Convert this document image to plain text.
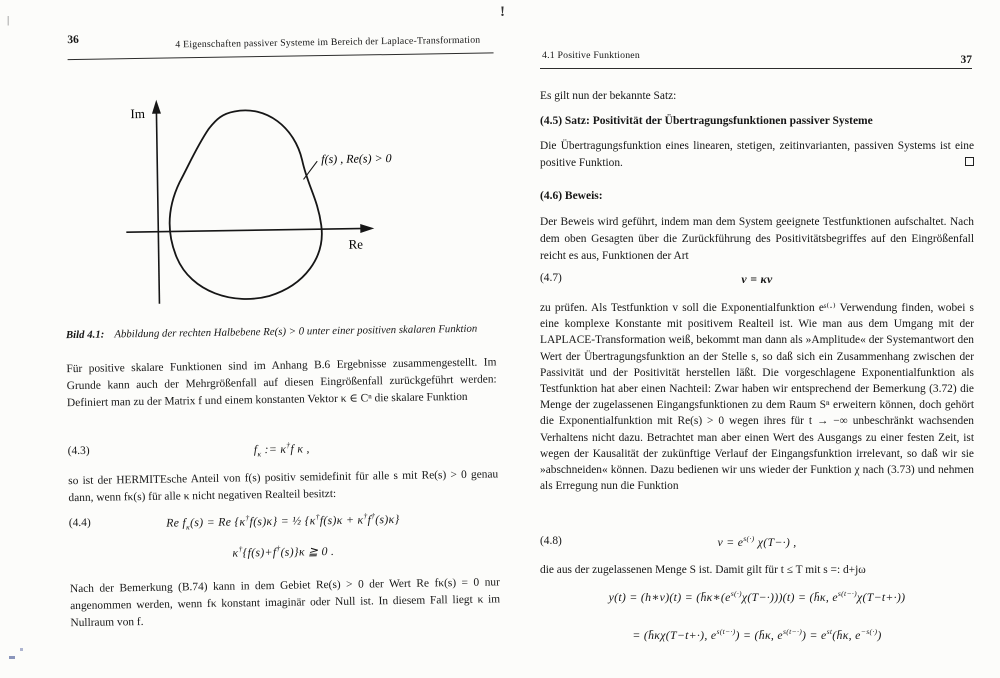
!
|
36	4 Eigenschaften passiver Systeme im Bereich der Laplace-Transformation
Im
Re
f(s) , Re(s) > 0
Bild 4.1: Abbildung der rechten Halbebene Re(s) > 0 unter einer positiven skalaren Funktion
Für positive skalare Funktionen sind im Anhang B.6 Ergebnisse zusammengestellt. Im Grunde kann auch der Mehrgrößenfall auf diesen Eingrößenfall zurückgeführt werden: Definiert man zu der Matrix f und einem konstanten Vektor κ ∈ Cⁿ die skalare Funktion
(4.3)	$f_\kappa$ := κ†f κ ,
so ist der HERMITEsche Anteil von f(s) positiv semidefinit für alle s mit Re(s) > 0 genau dann, wenn fκ(s) für alle κ nicht negativen Realteil besitzt:
(4.4)	Re $f_\kappa(s) = Re$ {κ†f(s)κ} = ½ {κ†f(s)κ + κ†f†(s)κ}
κ†{f(s)+f†(s)}κ ≧ 0 .
Nach der Bemerkung (B.74) kann in dem Gebiet Re(s) > 0 der Wert Re fκ(s) = 0 nur angenommen werden, wenn fκ konstant imaginär oder Null ist. In diesem Fall liegt κ im Nullraum von f.
4.1 Positive Funktionen	37
Es gilt nun der bekannte Satz:
(4.5) Satz: Positivität der Übertragungsfunktionen passiver Systeme
Die Übertragungsfunktion eines linearen, stetigen, zeitinvarianten, passiven Systems ist eine positive Funktion.
(4.6) Beweis:
Der Beweis wird geführt, indem man dem System geeignete Testfunktionen aufschaltet. Nach dem oben Gesagten über die Zurückführung des Positivitätsbegriffes auf den Eingrößenfall reicht es aus, Funktionen der Art
(4.7)	v = κv
zu prüfen. Als Testfunktion v soll die Exponentialfunktion eˢ⁽·⁾ Verwendung finden, wobei s eine komplexe Konstante mit positivem Realteil ist. Wie man aus dem Umgang mit der LAPLACE-Transformation weiß, bekommt man dann als »Amplitude« der Systemantwort den Wert der Übertragungsfunktion an der Stelle s, so daß sich ein Zusammenhang zwischen der Passivität und der Positivität herstellen läßt. Die vorgeschlagene Exponentialfunktion als Testfunktion hat aber einen Nachteil: Zwar haben wir entsprechend der Bemerkung (3.72) die Menge der zugelassenen Eingangsfunktionen zu dem Raum Sⁿ erweitern können, doch gehört die Exponentialfunktion mit Re(s) > 0 wegen ihres für t → −∞ unbeschränkt wachsenden Verhaltens nicht dazu. Betrachtet man aber einen Wert des Ausgangs zu einer festen Zeit, ist wegen der Kausalität der zukünftige Verlauf der Eingangsfunktion irrelevant, so daß wir sie »abschneiden« können. Dazu bedienen wir uns wieder der Funktion χ nach (3.73) und nehmen als Erregung nun die Funktion
(4.8)	$v = e^{s(\cdot)}$ χ(T−·) ,
die aus der zugelassenen Menge S ist. Damit gilt für t ≤ T mit s =: d+jω
y(t) = (h∗v)(t) = $(h̄\kappa∗(e^{s(\cdot)}\chi(T-\cdot)))(t)$ = (h̄κ, $e^{s(t-\cdot)}\chi(T-t+\cdot)$)
= (h̄κχ(T−t+·), $e^{s(t-\cdot)}$) = (h̄κ, $e^{s(t-\cdot)}$) = $e^{st}(h̄\kappa$, $e^{-s(\cdot)}$)
